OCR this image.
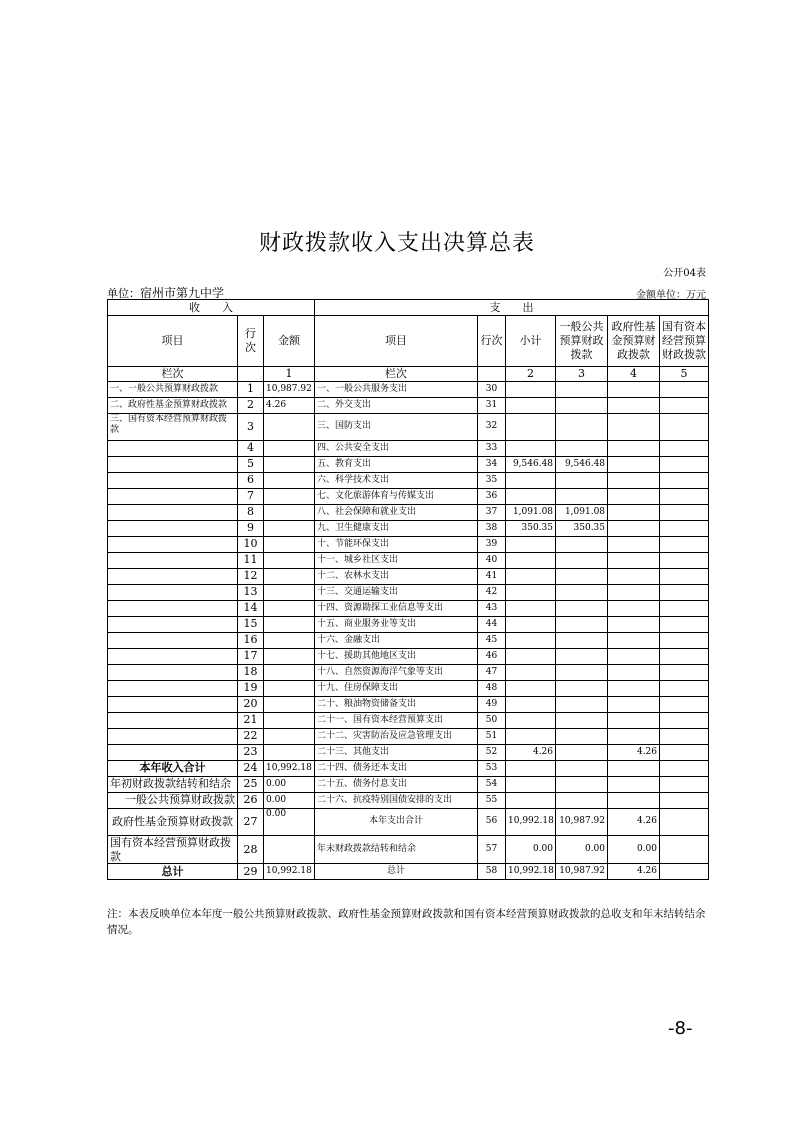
财政拨款收入支出决算总表
公开04表
单位：宿州市第九中学	金额单位：万元
收　　入			支　　出					
项目	行次	金额	项目	行次	小计	一般公共预算财政拨款	政府性基金预算财政拨款	国有资本经营预算财政拨款
栏次		1	栏次		2	3	4	5
一、一般公共预算财政拨款	1	10,987.92	一、一般公共服务支出	30				
二、政府性基金预算财政拨款	2	4.26	二、外交支出	31				
三、国有资本经营预算财政拨款	3		三、国防支出	32				
	4		四、公共安全支出	33				
	5		五、教育支出	34	9,546.48	9,546.48		
	6		六、科学技术支出	35				
	7		七、文化旅游体育与传媒支出	36				
	8		八、社会保障和就业支出	37	1,091.08	1,091.08		
	9		九、卫生健康支出	38	350.35	350.35		
	10		十、节能环保支出	39				
	11		十一、城乡社区支出	40				
	12		十二、农林水支出	41				
	13		十三、交通运输支出	42				
	14		十四、资源勘探工业信息等支出	43				
	15		十五、商业服务业等支出	44				
	16		十六、金融支出	45				
	17		十七、援助其他地区支出	46				
	18		十八、自然资源海洋气象等支出	47				
	19		十九、住房保障支出	48				
	20		二十、粮油物资储备支出	49				
	21		二十一、国有资本经营预算支出	50				
	22		二十二、灾害防治及应急管理支出	51				
	23		二十三、其他支出	52	4.26		4.26	
本年收入合计	24	10,992.18	二十四、债务还本支出	53				
年初财政拨款结转和结余	25	0.00	二十五、债务付息支出	54				
一般公共预算财政拨款	26	0.00	二十六、抗疫特别国债安排的支出	55				
政府性基金预算财政拨款	27	0.00	本年支出合计	56	10,992.18	10,987.92	4.26	
国有资本经营预算财政拨款	28		年末财政拨款结转和结余	57	0.00	0.00	0.00	
总计	29	10,992.18	总计	58	10,992.18	10,987.92	4.26	
注：本表反映单位本年度一般公共预算财政拨款、政府性基金预算财政拨款和国有资本经营预算财政拨款的总收支和年末结转结余情况。
-8-
